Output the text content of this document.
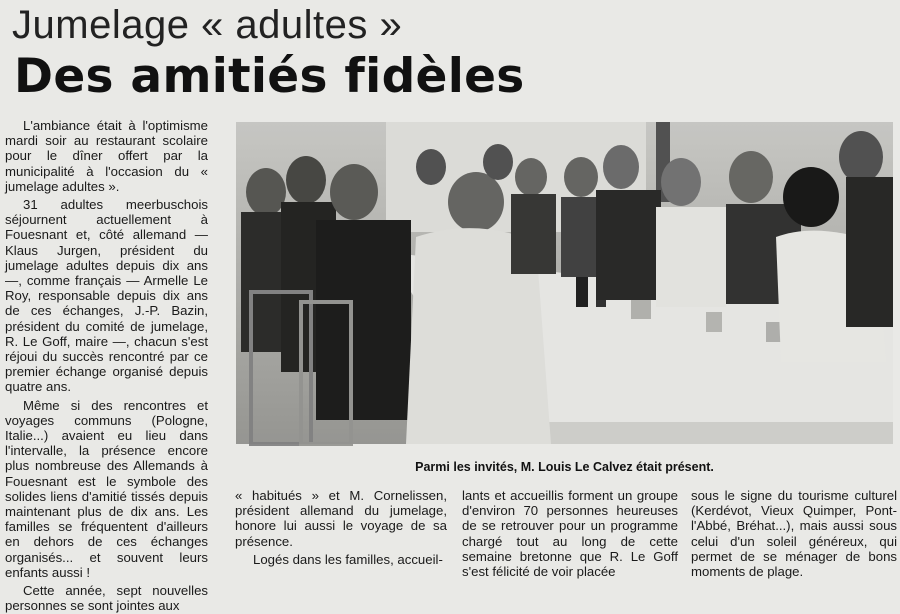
Jumelage « adultes »
Des amitiés fidèles

L'ambiance était à l'optimisme mardi soir au restaurant scolaire pour le dîner offert par la municipalité à l'occasion du « jumelage adultes ».

31 adultes meerbuschois séjournent actuellement à Fouesnant et, côté allemand — Klaus Jurgen, président du jumelage adultes depuis dix ans —, comme français — Armelle Le Roy, responsable depuis dix ans de ces échanges, J.-P. Bazin, président du comité de jumelage, R. Le Goff, maire —, chacun s'est réjoui du succès rencontré par ce premier échange organisé depuis quatre ans.

Même si des rencontres et voyages communs (Pologne, Italie...) avaient eu lieu dans l'intervalle, la présence encore plus nombreuse des Allemands à Fouesnant est le symbole des solides liens d'amitié tissés depuis maintenant plus de dix ans. Les familles se fréquentent d'ailleurs en dehors de ces échanges organisés... et souvent leurs enfants aussi !

Cette année, sept nouvelles personnes se sont jointes aux

Parmi les invités, M. Louis Le Calvez était présent.

« habitués » et M. Cornelissen, président allemand du jumelage, honore lui aussi le voyage de sa présence.

Logés dans les familles, accueil-

lants et accueillis forment un groupe d'environ 70 personnes heureuses de se retrouver pour un programme chargé tout au long de cette semaine bretonne que R. Le Goff s'est félicité de voir placée

sous le signe du tourisme culturel (Kerdévot, Vieux Quimper, Pont-l'Abbé, Bréhat...), mais aussi sous celui d'un soleil généreux, qui permet de se ménager de bons moments de plage.
